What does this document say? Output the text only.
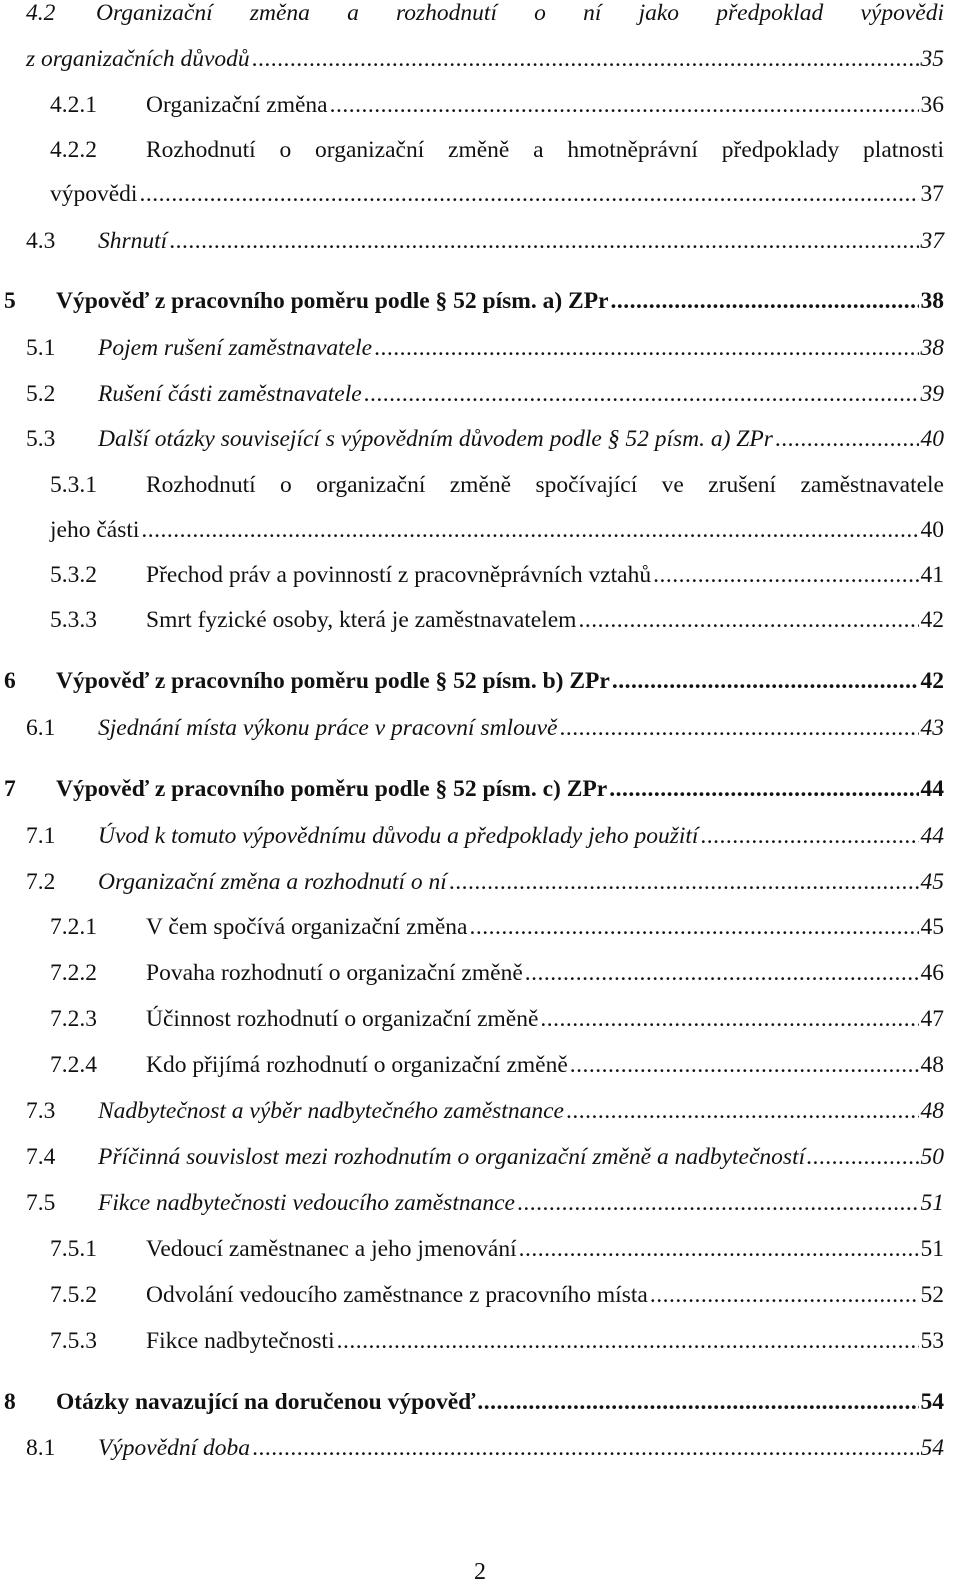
4.2 Organizační změna a rozhodnutí o ní jako předpoklad výpovědi
z organizačních důvodů .....	35
4.2.1	Organizační změna .....	36
4.2.2 Rozhodnutí o organizační změně a hmotněprávní předpoklady platnosti
výpovědi .....	37
4.3	Shrnutí .....	37
5	Výpověď z pracovního poměru podle § 52 písm. a) ZPr .....	38
5.1	Pojem rušení zaměstnavatele .....	38
5.2	Rušení části zaměstnavatele .....	39
5.3	Další otázky související s výpovědním důvodem podle § 52 písm. a) ZPr .....	40
5.3.1 Rozhodnutí o organizační změně spočívající ve zrušení zaměstnavatele
jeho části .....	40
5.3.2	Přechod práv a povinností z pracovněprávních vztahů .....	41
5.3.3	Smrt fyzické osoby, která je zaměstnavatelem .....	42
6	Výpověď z pracovního poměru podle § 52 písm. b) ZPr .....	42
6.1	Sjednání místa výkonu práce v pracovní smlouvě .....	43
7	Výpověď z pracovního poměru podle § 52 písm. c) ZPr .....	44
7.1	Úvod k tomuto výpovědnímu důvodu a předpoklady jeho použití .....	44
7.2	Organizační změna a rozhodnutí o ní .....	45
7.2.1	V čem spočívá organizační změna .....	45
7.2.2	Povaha rozhodnutí o organizační změně .....	46
7.2.3	Účinnost rozhodnutí o organizační změně .....	47
7.2.4	Kdo přijímá rozhodnutí o organizační změně .....	48
7.3	Nadbytečnost a výběr nadbytečného zaměstnance .....	48
7.4	Příčinná souvislost mezi rozhodnutím o organizační změně a nadbytečností .....	50
7.5	Fikce nadbytečnosti vedoucího zaměstnance .....	51
7.5.1	Vedoucí zaměstnanec a jeho jmenování .....	51
7.5.2	Odvolání vedoucího zaměstnance z pracovního místa .....	52
7.5.3	Fikce nadbytečnosti .....	53
8	Otázky navazující na doručenou výpověď .....	54
8.1	Výpovědní doba .....	54
2
